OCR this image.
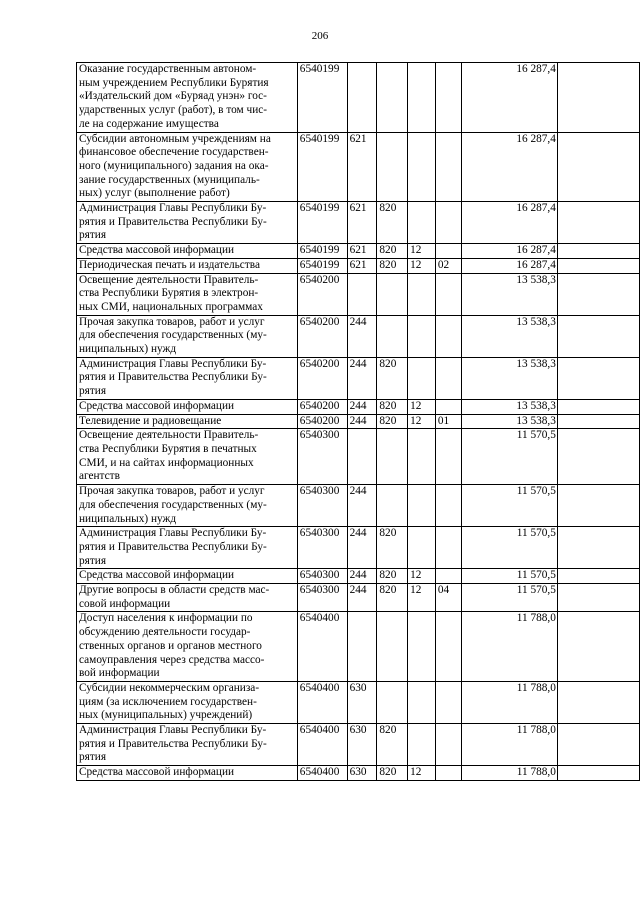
206
Оказание государственным автоном-
ным учреждением Республики Бурятия
«Издательский дом «Буряад унэн» гос-
ударственных услуг (работ), в том чис-
ле на содержание имущества	6540199					16 287,4	
Субсидии автономным учреждениям на
финансовое обеспечение государствен-
ного (муниципального) задания на ока-
зание государственных (муниципаль-
ных) услуг (выполнение работ)	6540199	621				16 287,4	
Администрация Главы Республики Бу-
рятия и Правительства Республики Бу-
рятия	6540199	621	820			16 287,4	
Средства массовой информации	6540199	621	820	12		16 287,4	
Периодическая печать и издательства	6540199	621	820	12	02	16 287,4	
Освещение деятельности Правитель-
ства Республики Бурятия в электрон-
ных СМИ, национальных программах	6540200					13 538,3	
Прочая закупка товаров, работ и услуг
для обеспечения государственных (му-
ниципальных) нужд	6540200	244				13 538,3	
Администрация Главы Республики Бу-
рятия и Правительства Республики Бу-
рятия	6540200	244	820			13 538,3	
Средства массовой информации	6540200	244	820	12		13 538,3	
Телевидение и радиовещание	6540200	244	820	12	01	13 538,3	
Освещение деятельности Правитель-
ства Республики Бурятия в печатных
СМИ, и на сайтах информационных
агентств	6540300					11 570,5	
Прочая закупка товаров, работ и услуг
для обеспечения государственных (му-
ниципальных) нужд	6540300	244				11 570,5	
Администрация Главы Республики Бу-
рятия и Правительства Республики Бу-
рятия	6540300	244	820			11 570,5	
Средства массовой информации	6540300	244	820	12		11 570,5	
Другие вопросы в области средств мас-
совой информации	6540300	244	820	12	04	11 570,5	
Доступ населения к информации по
обсуждению деятельности государ-
ственных органов и органов местного
самоуправления через средства массо-
вой информации	6540400					11 788,0	
Субсидии некоммерческим организа-
циям (за исключением государствен-
ных (муниципальных) учреждений)	6540400	630				11 788,0	
Администрация Главы Республики Бу-
рятия и Правительства Республики Бу-
рятия	6540400	630	820			11 788,0	
Средства массовой информации	6540400	630	820	12		11 788,0	
